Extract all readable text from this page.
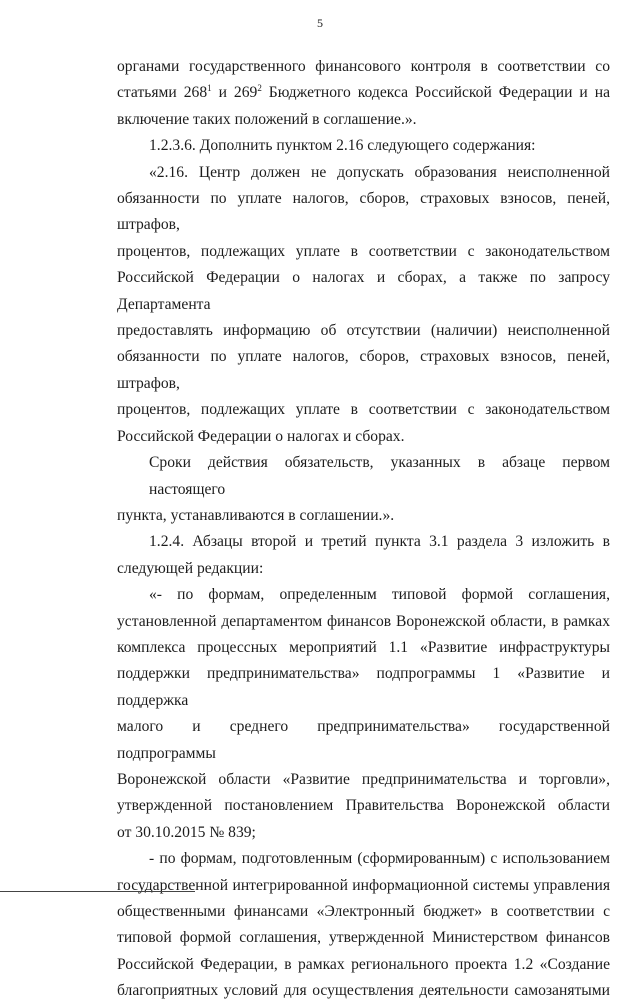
5
органами государственного финансового контроля в соответствии со
статьями $268^1$ и $269^2$ Бюджетного кодекса Российской Федерации и на
включение таких положений в соглашение.».
1.2.3.6. Дополнить пунктом 2.16 следующего содержания:
«2.16. Центр должен не допускать образования неисполненной
обязанности по уплате налогов, сборов, страховых взносов, пеней, штрафов,
процентов, подлежащих уплате в соответствии с законодательством
Российской Федерации о налогах и сборах, а также по запросу Департамента
предоставлять информацию об отсутствии (наличии) неисполненной
обязанности по уплате налогов, сборов, страховых взносов, пеней, штрафов,
процентов, подлежащих уплате в соответствии с законодательством
Российской Федерации о налогах и сборах.
Сроки действия обязательств, указанных в абзаце первом настоящего
пункта, устанавливаются в соглашении.».
1.2.4. Абзацы второй и третий пункта 3.1 раздела 3 изложить в
следующей редакции:
«- по формам, определенным типовой формой соглашения,
установленной департаментом финансов Воронежской области, в рамках
комплекса процессных мероприятий 1.1 «Развитие инфраструктуры
поддержки предпринимательства» подпрограммы 1 «Развитие и поддержка
малого и среднего предпринимательства» государственной подпрограммы
Воронежской области «Развитие предпринимательства и торговли»,
утвержденной постановлением Правительства Воронежской области
от 30.10.2015 № 839;
- по формам, подготовленным (сформированным) с использованием
государственной интегрированной информационной системы управления
общественными финансами «Электронный бюджет» в соответствии с
типовой формой соглашения, утвержденной Министерством финансов
Российской Федерации, в рамках регионального проекта 1.2 «Создание
благоприятных условий для осуществления деятельности самозанятыми
